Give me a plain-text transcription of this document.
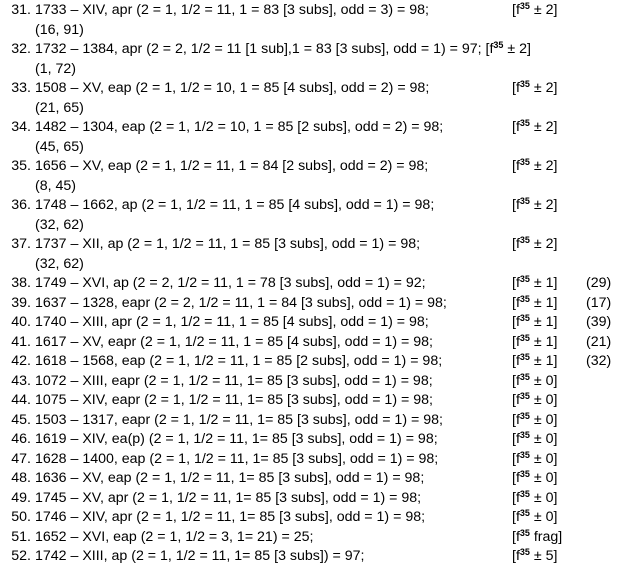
31. 1733 – XIV, apr (2 = 1, 1/2 = 11, 1 = 83 [3 subs], odd = 3) = 98;	$[f^{35} \pm 2]$
(16, 91)
32. 1732 – 1384, apr (2 = 2, 1/2 = 11 [1 sub],1 = 83 [3 subs], odd = 1) = 97; $[f^{35} \pm 2]$
(1, 72)
33. 1508 – XV, eap (2 = 1, 1/2 = 10, 1 = 85 [4 subs], odd = 2) = 98;	$[f^{35} \pm 2]$
(21, 65)
34. 1482 – 1304, eap (2 = 1, 1/2 = 10, 1 = 85 [2 subs], odd = 2) = 98;	$[f^{35} \pm 2]$
(45, 65)
35. 1656 – XV, eap (2 = 1, 1/2 = 11, 1 = 84 [2 subs], odd = 2) = 98;	$[f^{35} \pm 2]$
(8, 45)
36. 1748 – 1662, ap (2 = 1, 1/2 = 11, 1 = 85 [4 subs], odd = 1) = 98;	$[f^{35} \pm 2]$
(32, 62)
37. 1737 – XII, ap (2 = 1, 1/2 = 11, 1 = 85 [3 subs], odd = 1) = 98;	$[f^{35} \pm 2]$
(32, 62)
38. 1749 – XVI, ap (2 = 2, 1/2 = 11, 1 = 78 [3 subs], odd = 1) = 92;	$[f^{35} \pm 1]$ (29)
39. 1637 – 1328, eapr (2 = 2, 1/2 = 11, 1 = 84 [3 subs], odd = 1) = 98;	$[f^{35} \pm 1]$ (17)
40. 1740 – XIII, apr (2 = 1, 1/2 = 11, 1 = 85 [4 subs], odd = 1) = 98;	$[f^{35} \pm 1]$ (39)
41. 1617 – XV, eapr (2 = 1, 1/2 = 11, 1 = 85 [4 subs], odd = 1) = 98;	$[f^{35} \pm 1]$ (21)
42. 1618 – 1568, eap (2 = 1, 1/2 = 11, 1 = 85 [2 subs], odd = 1) = 98;	$[f^{35} \pm 1]$ (32)
43. 1072 – XIII, eapr (2 = 1, 1/2 = 11, 1= 85 [3 subs], odd = 1) = 98;	$[f^{35} \pm 0]$
44. 1075 – XIV, eapr (2 = 1, 1/2 = 11, 1= 85 [3 subs], odd = 1) = 98;	$[f^{35} \pm 0]$
45. 1503 – 1317, eapr (2 = 1, 1/2 = 11, 1= 85 [3 subs], odd = 1) = 98;	$[f^{35} \pm 0]$
46. 1619 – XIV, ea(p) (2 = 1, 1/2 = 11, 1= 85 [3 subs], odd = 1) = 98;	$[f^{35} \pm 0]$
47. 1628 – 1400, eap (2 = 1, 1/2 = 11, 1= 85 [3 subs], odd = 1) = 98;	$[f^{35} \pm 0]$
48. 1636 – XV, eap (2 = 1, 1/2 = 11, 1= 85 [3 subs], odd = 1) = 98;	$[f^{35} \pm 0]$
49. 1745 – XV, apr (2 = 1, 1/2 = 11, 1= 85 [3 subs], odd = 1) = 98;	$[f^{35} \pm 0]$
50. 1746 – XIV, apr (2 = 1, 1/2 = 11, 1= 85 [3 subs], odd = 1) = 98;	$[f^{35} \pm 0]$
51. 1652 – XVI, eap (2 = 1, 1/2 = 3, 1= 21) = 25;	[$f^{35}$ frag]
52. 1742 – XIII, ap (2 = 1, 1/2 = 11, 1= 85 [3 subs]) = 97;	$[f^{35} \pm 5]$
